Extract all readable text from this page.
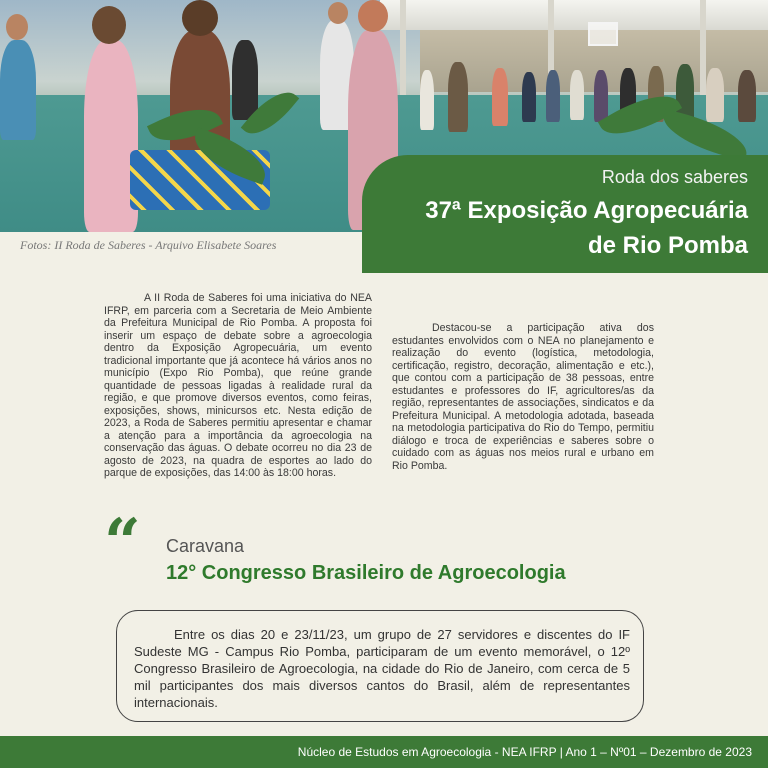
Roda dos saberes
37ª Exposição Agropecuária
de Rio Pomba
Fotos: II Roda de Saberes - Arquivo Elisabete Soares
A II Roda de Saberes foi uma iniciativa do NEA IFRP, em parceria com a Secretaria de Meio Ambiente da Prefeitura Municipal de Rio Pomba. A proposta foi inserir um espaço de debate sobre a agroecologia dentro da Exposição Agropecuária, um evento tradicional importante que já acontece há vários anos no município (Expo Rio Pomba), que reúne grande quantidade de pessoas ligadas à realidade rural da região, e que promove diversos eventos, como feiras, exposições, shows, minicursos etc. Nesta edição de 2023, a Roda de Saberes permitiu apresentar e chamar a atenção para a importância da agroecologia na conservação das águas. O debate ocorreu no dia 23 de agosto de 2023, na quadra de esportes ao lado do parque de exposições, das 14:00 às 18:00 horas.
Destacou-se a participação ativa dos estudantes envolvidos com o NEA no planejamento e realização do evento (logística, metodologia, certificação, registro, decoração, alimentação e etc.), que contou com a participação de 38 pessoas, entre estudantes e professores do IF, agricultores/as da região, representantes de associações, sindicatos e da Prefeitura Municipal. A metodologia adotada, baseada na metodologia participativa do Rio do Tempo, permitiu diálogo e troca de experiências e saberes sobre o cuidado com as águas nos meios rural e urbano em Rio Pomba.
“ Caravana
12° Congresso Brasileiro de Agroecologia
Entre os dias 20 e 23/11/23, um grupo de 27 servidores e discentes do IF Sudeste MG - Campus Rio Pomba, participaram de um evento memorável, o 12º Congresso Brasileiro de Agroecologia, na cidade do Rio de Janeiro, com cerca de 5 mil participantes dos mais diversos cantos do Brasil, além de representantes internacionais.
Núcleo de Estudos em Agroecologia - NEA IFRP | Ano 1 – Nº01 – Dezembro de 2023
